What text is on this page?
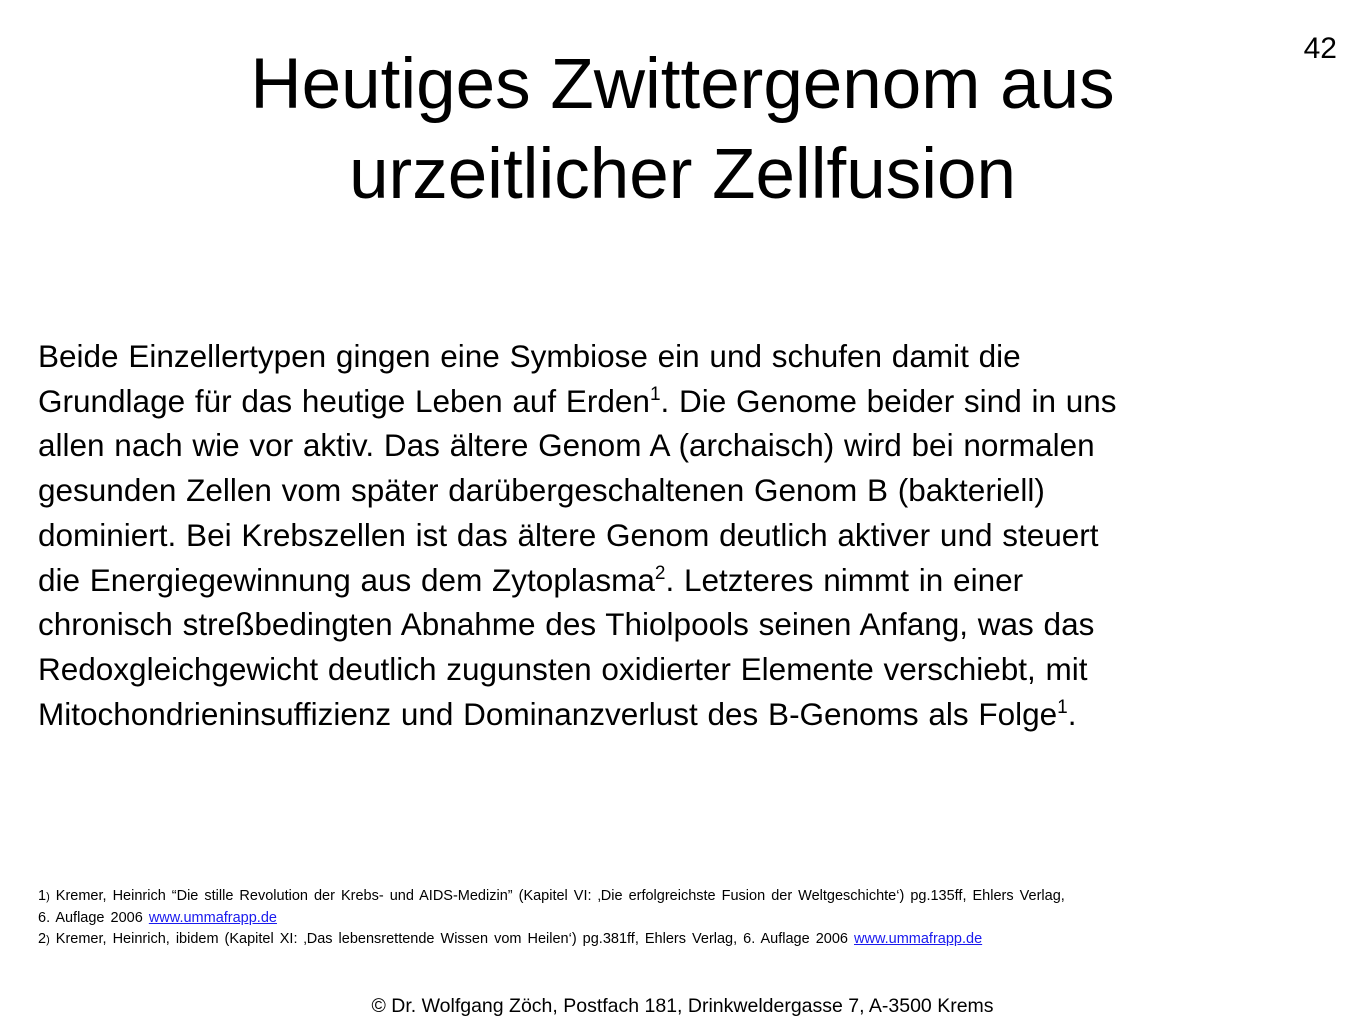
42
Heutiges Zwittergenom aus
urzeitlicher Zellfusion
Beide Einzellertypen gingen eine Symbiose ein und schufen damit die
Grundlage für das heutige Leben auf Erden$^1$. Die Genome beider sind in uns
allen nach wie vor aktiv. Das ältere Genom A (archaisch) wird bei normalen
gesunden Zellen vom später darübergeschaltenen Genom B (bakteriell)
dominiert. Bei Krebszellen ist das ältere Genom deutlich aktiver und steuert
die Energiegewinnung aus dem Zytoplasma$^2$. Letzteres nimmt in einer
chronisch streßbedingten Abnahme des Thiolpools seinen Anfang, was das
Redoxgleichgewicht deutlich zugunsten oxidierter Elemente verschiebt, mit
Mitochondrieninsuffizienz und Dominanzverlust des B-Genoms als Folge$^1$.
1) Kremer, Heinrich “Die stille Revolution der Krebs- und AIDS-Medizin” (Kapitel VI: ‚Die erfolgreichste Fusion der Weltgeschichte‘) pg.135ff, Ehlers Verlag,
6. Auflage 2006 www.ummafrapp.de
2) Kremer, Heinrich, ibidem (Kapitel XI: ‚Das lebensrettende Wissen vom Heilen‘) pg.381ff, Ehlers Verlag, 6. Auflage 2006 www.ummafrapp.de
© Dr. Wolfgang Zöch, Postfach 181, Drinkweldergasse 7, A-3500 Krems
